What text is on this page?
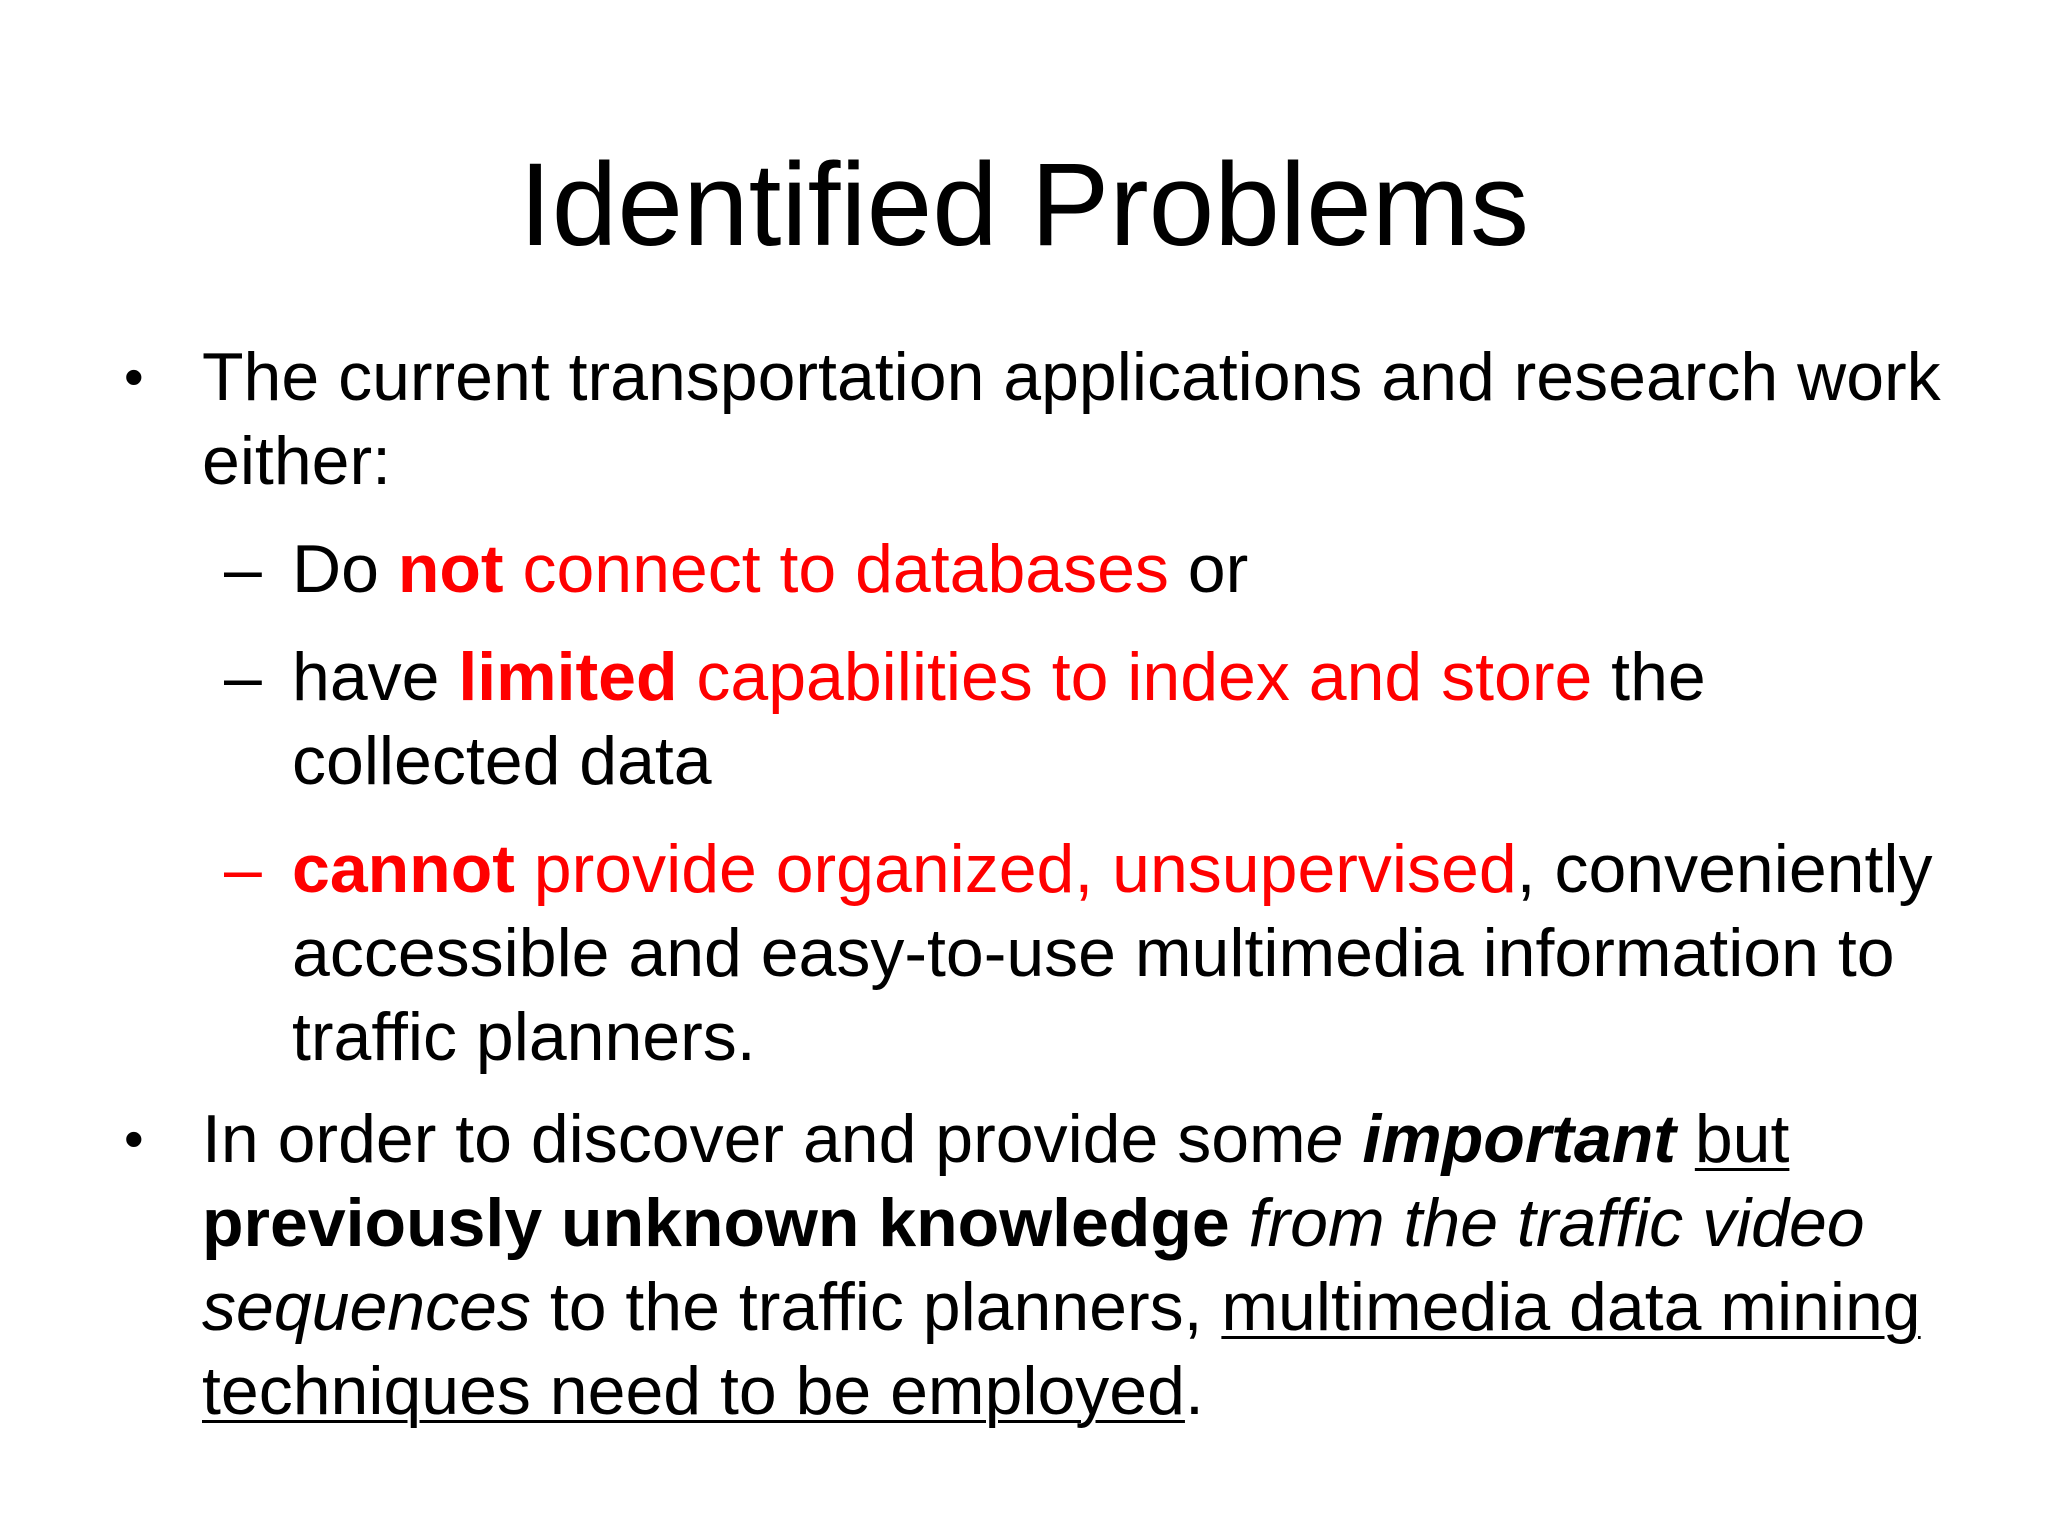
Identified Problems
• The current transportation applications and research work either:
– Do not connect to databases or
– have limited capabilities to index and store the collected data
– cannot provide organized, unsupervised, conveniently accessible and easy-to-use multimedia information to traffic planners.
• In order to discover and provide some important but previously unknown knowledge from the traffic video sequences to the traffic planners, multimedia data mining techniques need to be employed.
